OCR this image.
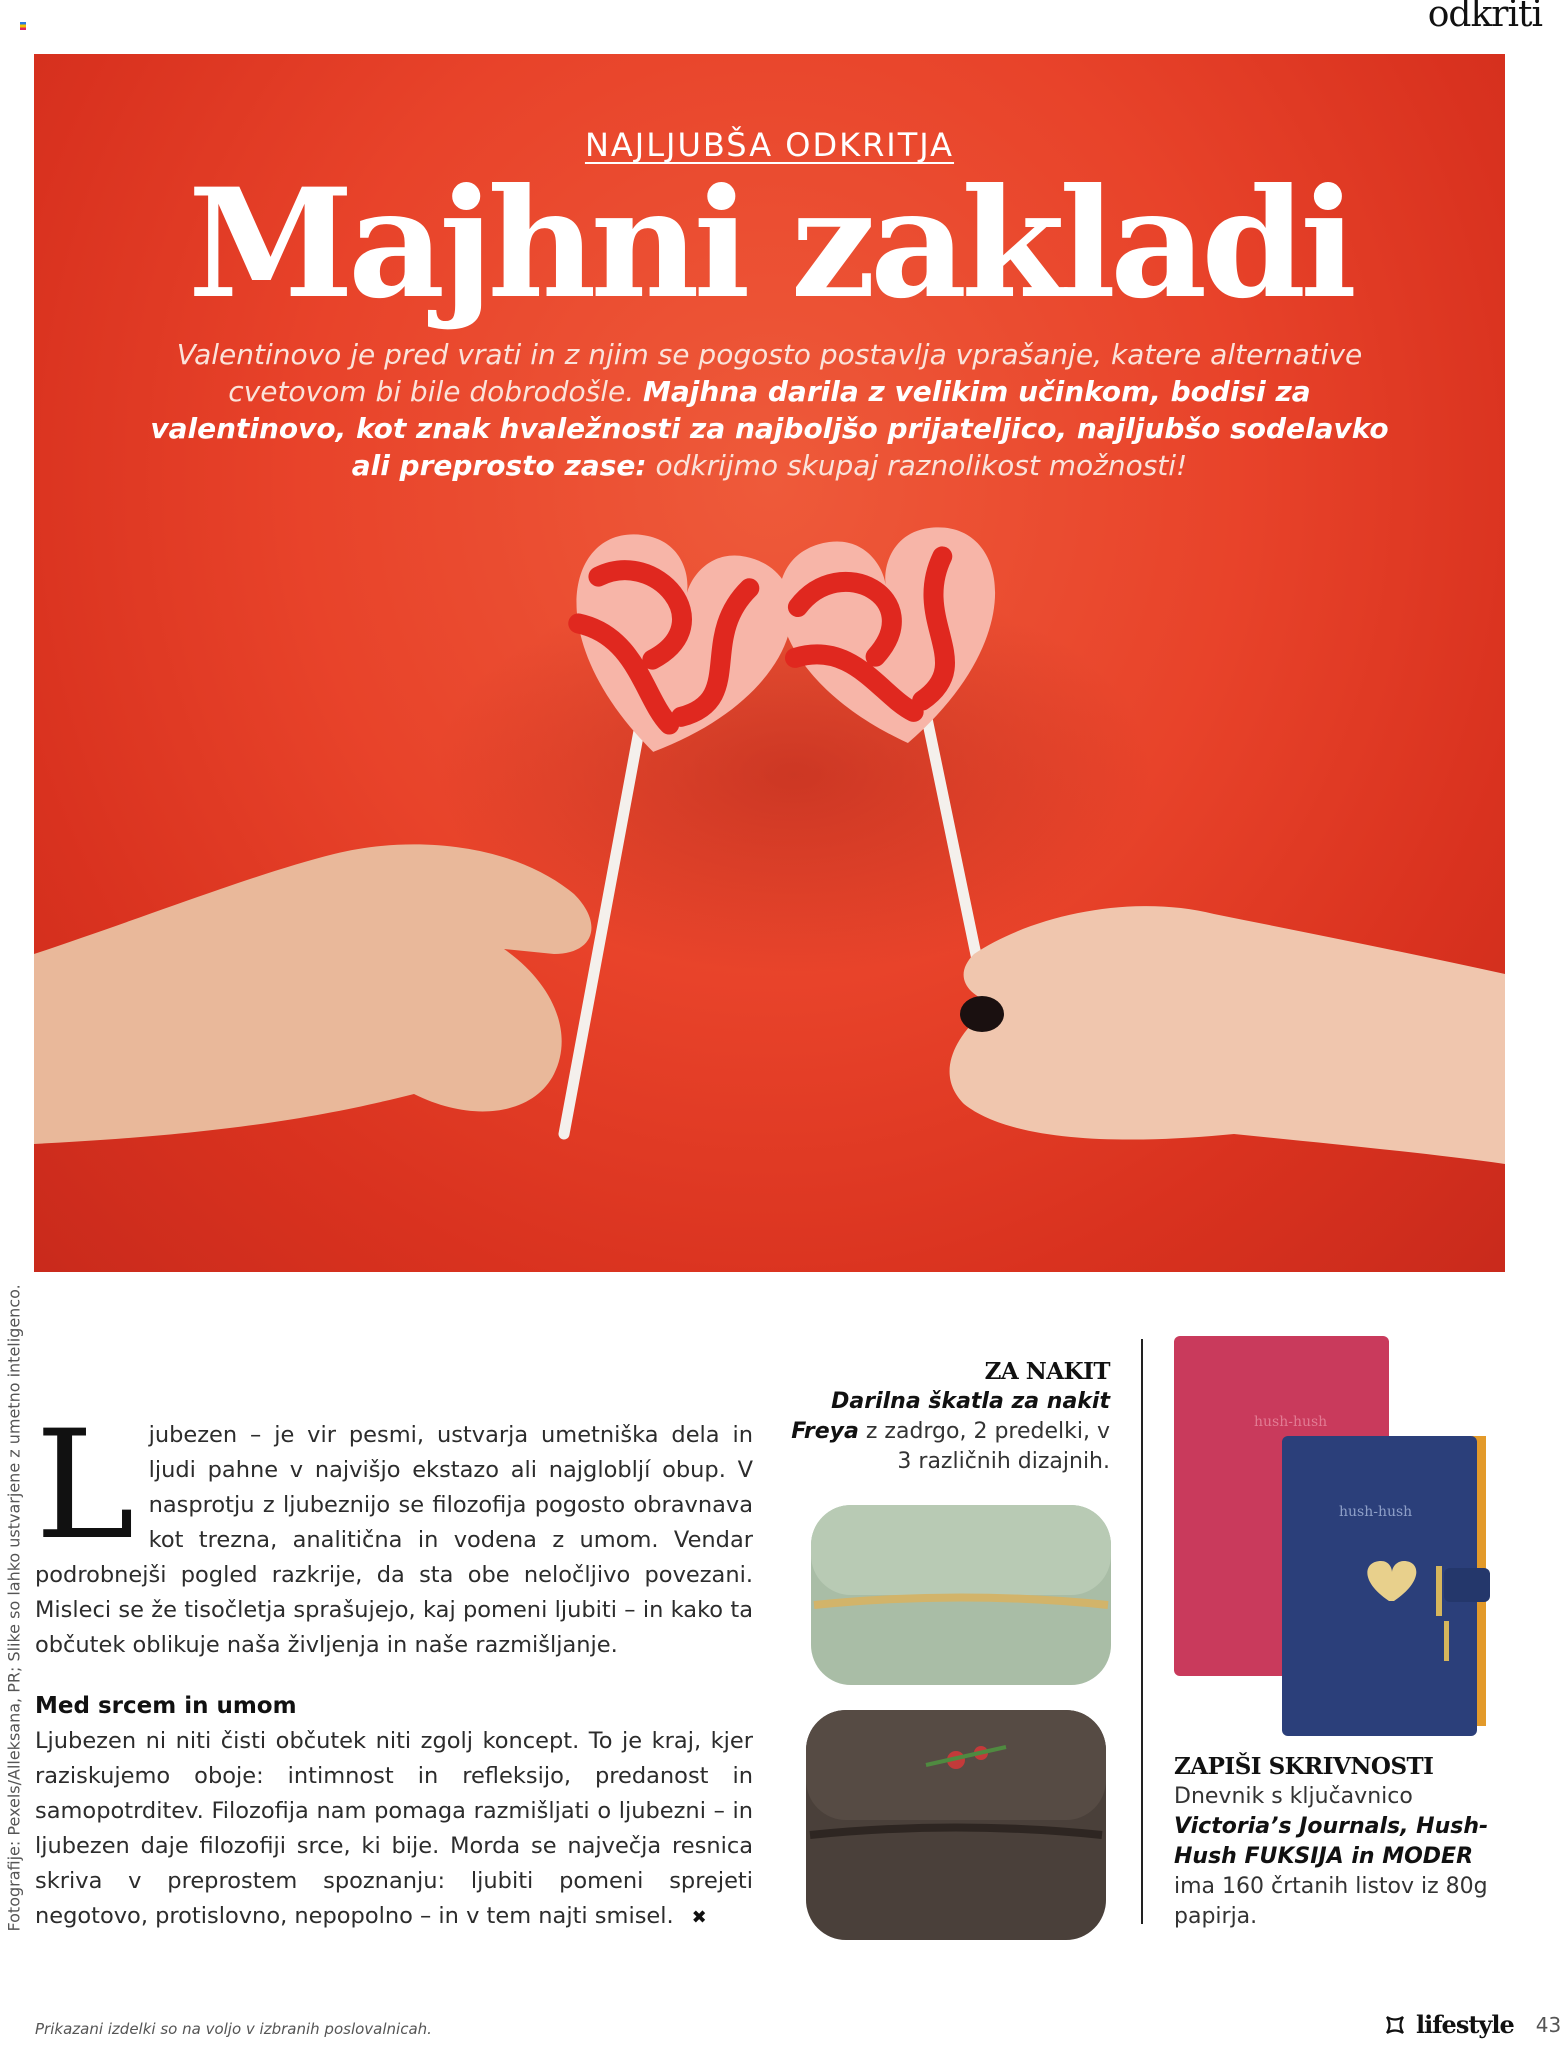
odkriti
NAJLJUBŠA ODKRITJA
Majhni zakladi
Valentinovo je pred vrati in z njim se pogosto postavlja vprašanje, katere alternative cvetovom bi bile dobrodošle. Majhna darila z velikim učinkom, bodisi za valentinovo, kot znak hvaležnosti za najboljšo prijateljico, najljubšo sodelavko ali preprosto zase: odkrijmo skupaj raznolikost možnosti!
Fotografije: Pexels/Alleksana, PR; Slike so lahko ustvarjene z umetno inteligenco. L jubezen – je vir pesmi, ustvarja umetniška dela in ljudi pahne v najvišjo ekstazo ali najglobljí obup. V nasprotju z ljubeznijo se filozofija pogosto obravnava kot trezna, analitična in vodena z umom. Vendar podrobnejši pogled razkrije, da sta obe neločljivo povezani. Misleci se že tisočletja sprašujejo, kaj pomeni ljubiti – in kako ta občutek oblikuje naša življenja in naše razmišljanje.
Med srcem in umom
Ljubezen ni niti čisti občutek niti zgolj koncept. To je kraj, kjer raziskujemo oboje: intimnost in refleksijo, predanost in samopotrditev. Filozofija nam pomaga razmišljati o ljubezni – in ljubezen daje filozofiji srce, ki bije. Morda se največja resnica skriva v preprostem spoznanju: ljubiti pomeni sprejeti negotovo, protislovno, nepopolno – in v tem najti smisel. ✖
ZA NAKIT
Darilna škatla za nakit Freya z zadrgo, 2 predelki, v 3 različnih dizajnih.
hush-hush
hush-hush
ZAPIŠI SKRIVNOSTI
Dnevnik s ključavnico Victoria’s Journals, Hush-Hush FUKSIJA in MODER ima 160 črtanih listov iz 80g papirja.
Prikazani izdelki so na voljo v izbranih poslovalnicah.	lifestyle 43
